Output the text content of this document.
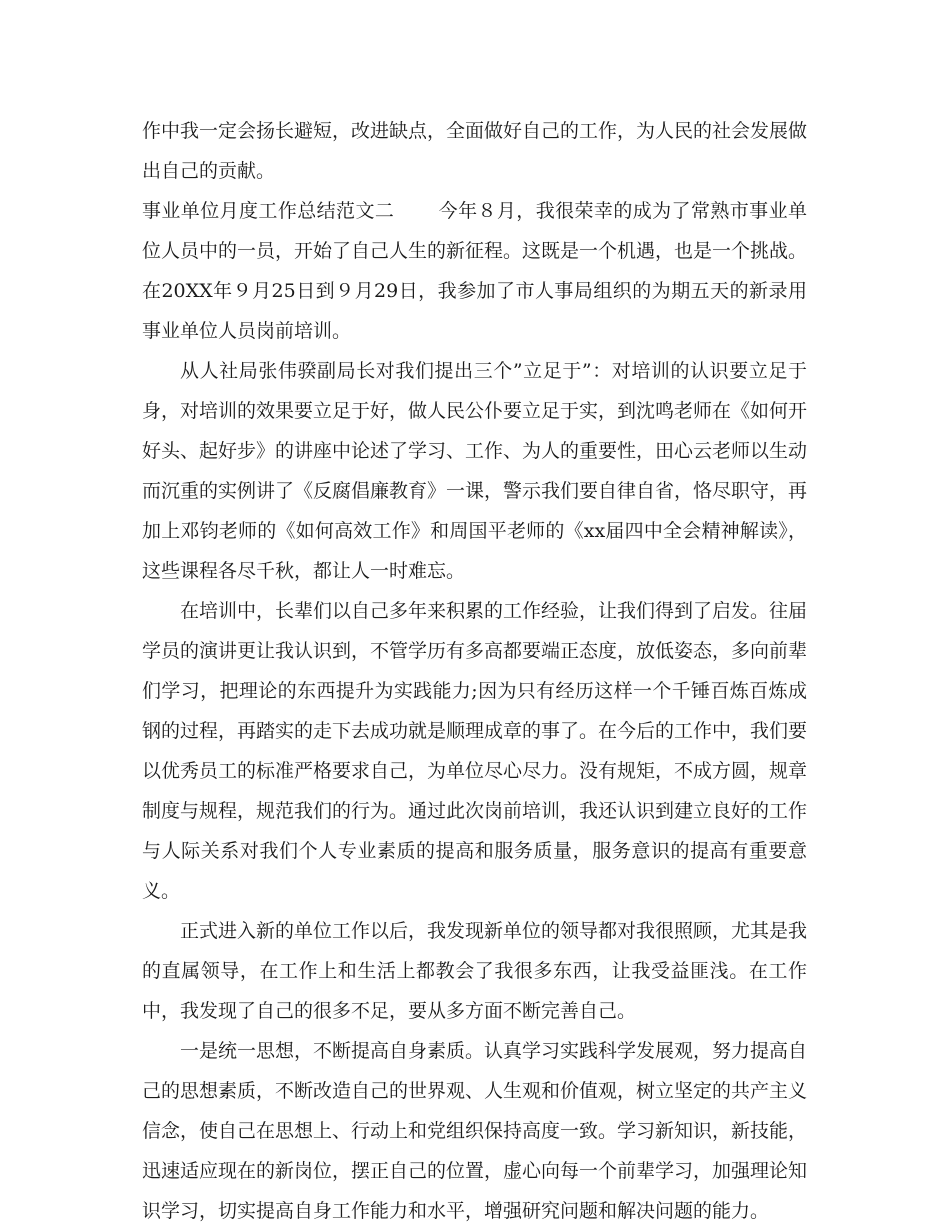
作中我一定会扬长避短，改进缺点，全面做好自己的工作，为人民的社会发展做出自己的贡献。

事业单位月度工作总结范文二 今年８月，我很荣幸的成为了常熟市事业单位人员中的一员，开始了自己人生的新征程。这既是一个机遇，也是一个挑战。在20XX年９月25日到９月29日，我参加了市人事局组织的为期五天的新录用事业单位人员岗前培训。

从人社局张伟骙副局长对我们提出三个”立足于”：对培训的认识要立足于身，对培训的效果要立足于好，做人民公仆要立足于实，到沈鸣老师在《如何开好头、起好步》的讲座中论述了学习、工作、为人的重要性，田心云老师以生动而沉重的实例讲了《反腐倡廉教育》一课，警示我们要自律自省，恪尽职守，再加上邓钧老师的《如何高效工作》和周国平老师的《xx届四中全会精神解读》，这些课程各尽千秋，都让人一时难忘。

在培训中，长辈们以自己多年来积累的工作经验，让我们得到了启发。往届学员的演讲更让我认识到，不管学历有多高都要端正态度，放低姿态，多向前辈们学习，把理论的东西提升为实践能力;因为只有经历这样一个千锤百炼百炼成钢的过程，再踏实的走下去成功就是顺理成章的事了。在今后的工作中，我们要以优秀员工的标准严格要求自己，为单位尽心尽力。没有规矩，不成方圆，规章制度与规程，规范我们的行为。通过此次岗前培训，我还认识到建立良好的工作与人际关系对我们个人专业素质的提高和服务质量，服务意识的提高有重要意义。

正式进入新的单位工作以后，我发现新单位的领导都对我很照顾，尤其是我的直属领导，在工作上和生活上都教会了我很多东西，让我受益匪浅。在工作中，我发现了自己的很多不足，要从多方面不断完善自己。

一是统一思想，不断提高自身素质。认真学习实践科学发展观，努力提高自己的思想素质，不断改造自己的世界观、人生观和价值观，树立坚定的共产主义信念，使自己在思想上、行动上和党组织保持高度一致。学习新知识，新技能，迅速适应现在的新岗位，摆正自己的位置，虚心向每一个前辈学习，加强理论知识学习，切实提高自身工作能力和水平，增强研究问题和解决问题的能力。
